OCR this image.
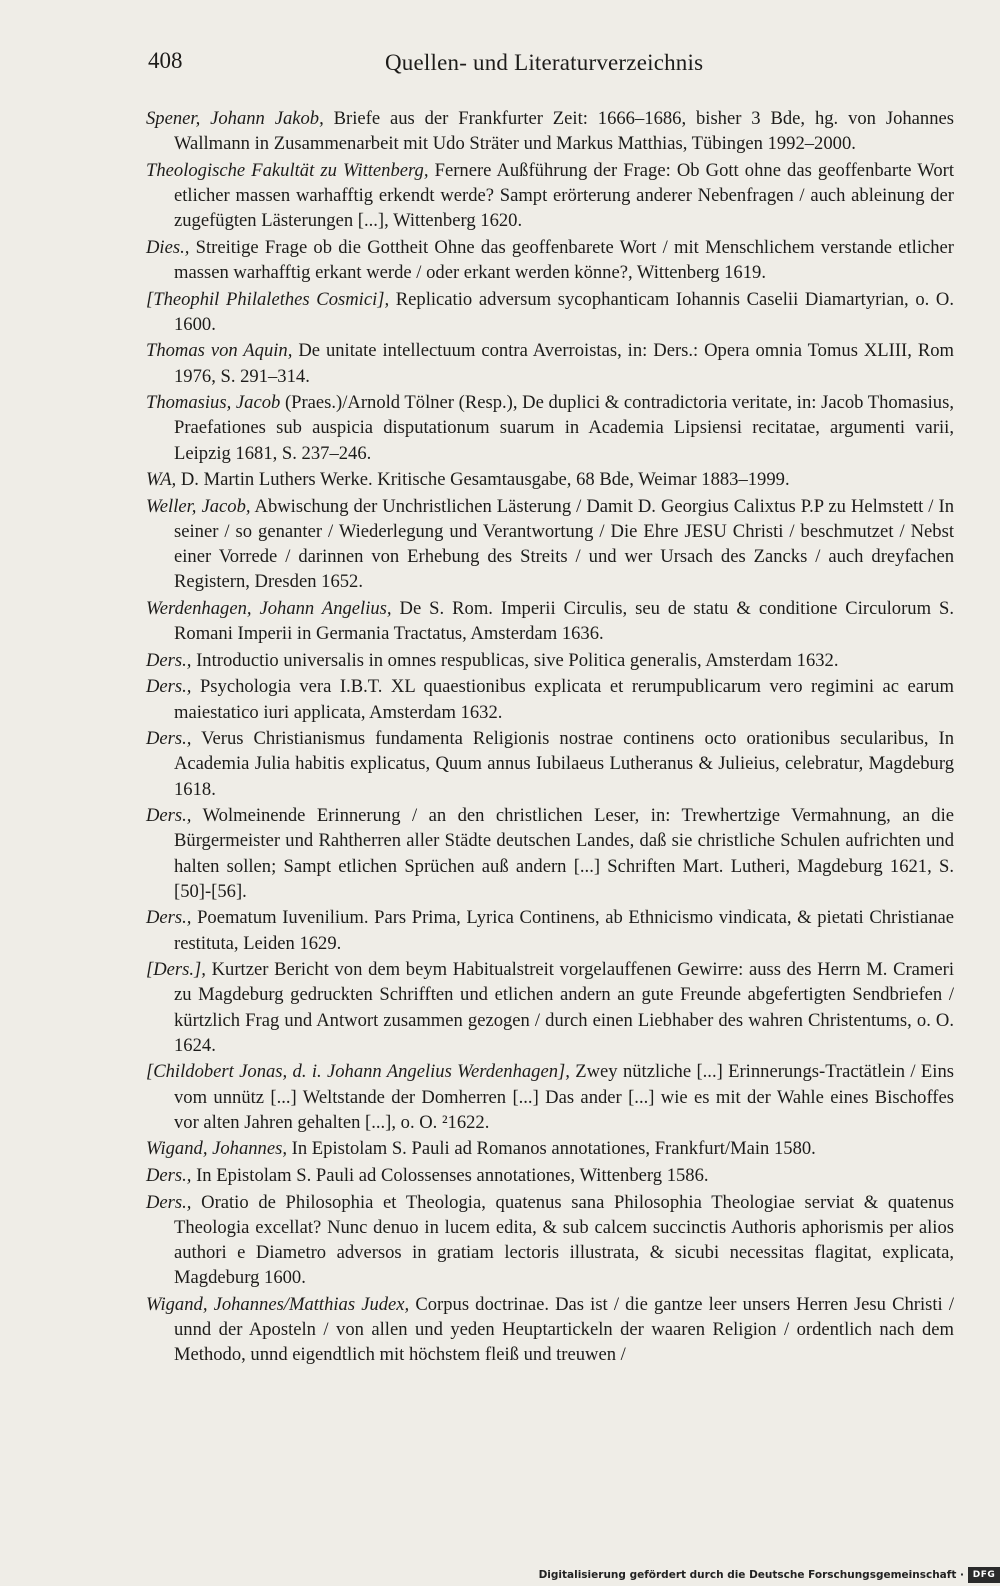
408	Quellen- und Literaturverzeichnis

Spener, Johann Jakob, Briefe aus der Frankfurter Zeit: 1666–1686, bisher 3 Bde, hg. von Johannes Wallmann in Zusammenarbeit mit Udo Sträter und Markus Matthias, Tübingen 1992–2000.

Theologische Fakultät zu Wittenberg, Fernere Außführung der Frage: Ob Gott ohne das geoffenbarte Wort etlicher massen warhafftig erkendt werde? Sampt erörterung anderer Nebenfragen / auch ableinung der zugefügten Lästerungen [...], Wittenberg 1620.

Dies., Streitige Frage ob die Gottheit Ohne das geoffenbarete Wort / mit Menschlichem verstande etlicher massen warhafftig erkant werde / oder erkant werden könne?, Wittenberg 1619.

[Theophil Philalethes Cosmici], Replicatio adversum sycophanticam Iohannis Caselii Diamartyrian, o. O. 1600.

Thomas von Aquin, De unitate intellectuum contra Averroistas, in: Ders.: Opera omnia Tomus XLIII, Rom 1976, S. 291–314.

Thomasius, Jacob (Praes.)/Arnold Tölner (Resp.), De duplici & contradictoria veritate, in: Jacob Thomasius, Praefationes sub auspicia disputationum suarum in Academia Lipsiensi recitatae, argumenti varii, Leipzig 1681, S. 237–246.

WA, D. Martin Luthers Werke. Kritische Gesamtausgabe, 68 Bde, Weimar 1883–1999.

Weller, Jacob, Abwischung der Unchristlichen Lästerung / Damit D. Georgius Calixtus P.P zu Helmstett / In seiner / so genanter / Wiederlegung und Verantwortung / Die Ehre JESU Christi / beschmutzet / Nebst einer Vorrede / darinnen von Erhebung des Streits / und wer Ursach des Zancks / auch dreyfachen Registern, Dresden 1652.

Werdenhagen, Johann Angelius, De S. Rom. Imperii Circulis, seu de statu & conditione Circulorum S. Romani Imperii in Germania Tractatus, Amsterdam 1636.

Ders., Introductio universalis in omnes respublicas, sive Politica generalis, Amsterdam 1632.

Ders., Psychologia vera I.B.T. XL quaestionibus explicata et rerumpublicarum vero regimini ac earum maiestatico iuri applicata, Amsterdam 1632.

Ders., Verus Christianismus fundamenta Religionis nostrae continens octo orationibus secularibus, In Academia Julia habitis explicatus, Quum annus Iubilaeus Lutheranus & Julieius, celebratur, Magdeburg 1618.

Ders., Wolmeinende Erinnerung / an den christlichen Leser, in: Trewhertzige Vermahnung, an die Bürgermeister und Rahtherren aller Städte deutschen Landes, daß sie christliche Schulen aufrichten und halten sollen; Sampt etlichen Sprüchen auß andern [...] Schriften Mart. Lutheri, Magdeburg 1621, S. [50]-[56].

Ders., Poematum Iuvenilium. Pars Prima, Lyrica Continens, ab Ethnicismo vindicata, & pietati Christianae restituta, Leiden 1629.

[Ders.], Kurtzer Bericht von dem beym Habitualstreit vorgelauffenen Gewirre: auss des Herrn M. Crameri zu Magdeburg gedruckten Schrifften und etlichen andern an gute Freunde abgefertigten Sendbriefen / kürtzlich Frag und Antwort zusammen gezogen / durch einen Liebhaber des wahren Christentums, o. O. 1624.

[Childobert Jonas, d. i. Johann Angelius Werdenhagen], Zwey nützliche [...] Erinnerungs-Tractätlein / Eins vom unnütz [...] Weltstande der Domherren [...] Das ander [...] wie es mit der Wahle eines Bischoffes vor alten Jahren gehalten [...], o. O. ²1622.

Wigand, Johannes, In Epistolam S. Pauli ad Romanos annotationes, Frankfurt/Main 1580.

Ders., In Epistolam S. Pauli ad Colossenses annotationes, Wittenberg 1586.

Ders., Oratio de Philosophia et Theologia, quatenus sana Philosophia Theologiae serviat & quatenus Theologia excellat? Nunc denuo in lucem edita, & sub calcem succinctis Authoris aphorismis per alios authori e Diametro adversos in gratiam lectoris illustrata, & sicubi necessitas flagitat, explicata, Magdeburg 1600.

Wigand, Johannes/Matthias Judex, Corpus doctrinae. Das ist / die gantze leer unsers Herren Jesu Christi / unnd der Aposteln / von allen und yeden Heuptartickeln der waaren Religion / ordentlich nach dem Methodo, unnd eigendtlich mit höchstem fleiß und treuwen /

Digitalisierung gefördert durch die Deutsche Forschungsgemeinschaft · DFG
